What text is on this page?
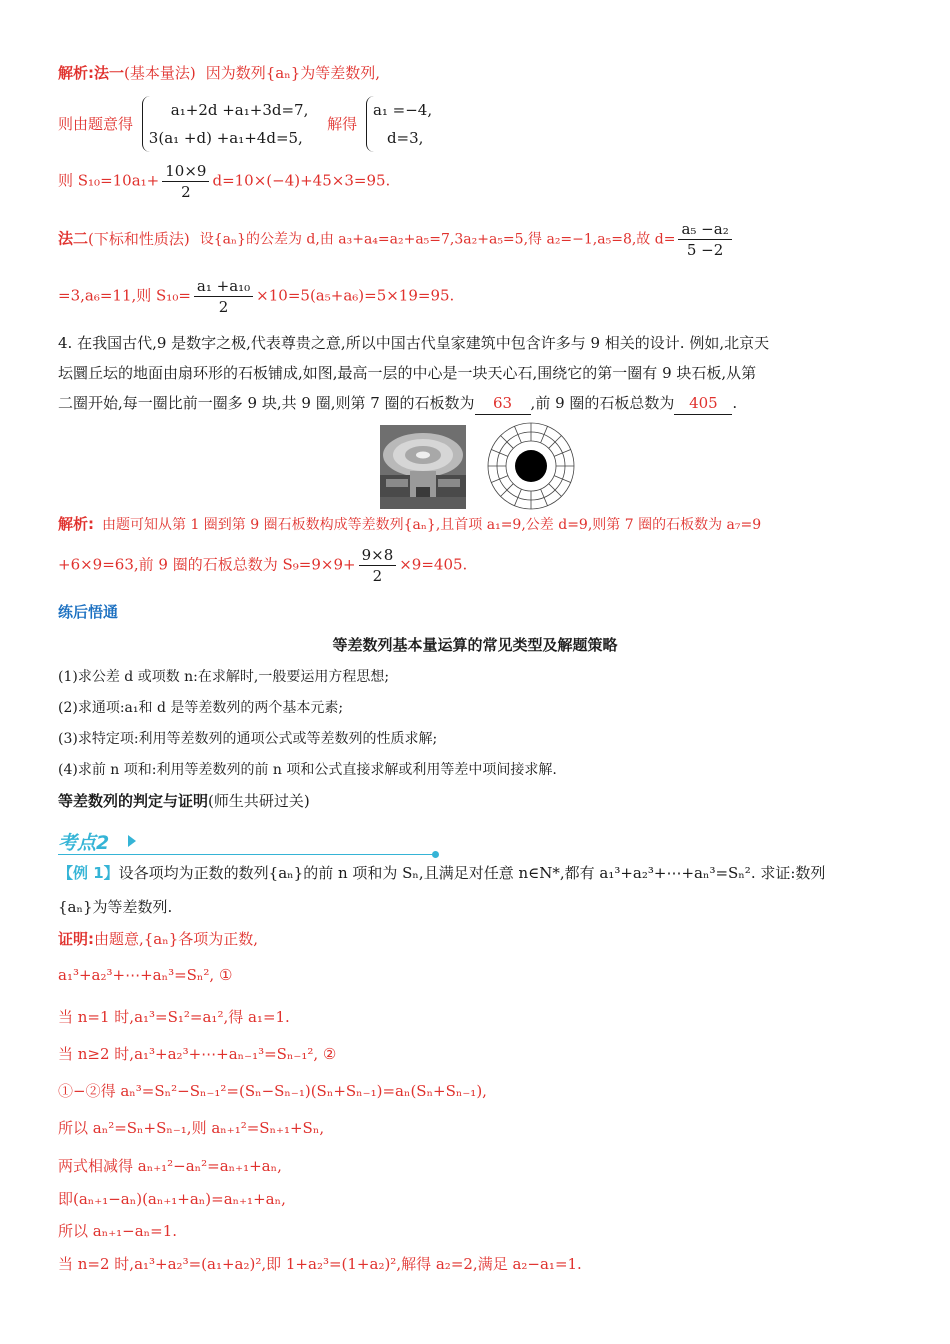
解析:法一(基本量法) 因为数列{aₙ}为等差数列,
则由题意得
a₁+2d +a₁+3d=7,
3(a₁ +d) +a₁+4d=5,
解得
a₁ =−4,
d=3,
则 $S_{10}=10a_1+ \frac{10\times 9}{2} d=10\times(-4)+45\times 3=95$.
法二(下标和性质法) 设{aₙ}的公差为 d,由 a₃+a₄=a₂+a₅=7,3a₂+a₅=5,得 a₂=−1,a₅=8,故 $d= \frac{\text{a₅ −a₂}}{5 -2}$
=3,a₆=11,则 $S_{10}= \frac{\text{a₁ +a₁₀}}{2} \times 10=5(a_5+a_6)=5\times 19=95$.
4. 在我国古代,9 是数字之极,代表尊贵之意,所以中国古代皇家建筑中包含许多与 9 相关的设计. 例如,北京天
坛圜丘坛的地面由扇环形的石板铺成,如图,最高一层的中心是一块天心石,围绕它的第一圈有 9 块石板,从第
二圈开始,每一圈比前一圈多 9 块,共 9 圈,则第 7 圈的石板数为 63 ,前 9 圈的石板总数为 405 .
解析: 由题可知从第 1 圈到第 9 圈石板数构成等差数列{aₙ},且首项 a₁=9,公差 d=9,则第 7 圈的石板数为 a₇=9
+6×9=63,前 9 圈的石板总数为 $S_9=9\times 9+ \frac{9\times 8}{2} \times 9=405$.
练后悟通
等差数列基本量运算的常见类型及解题策略
(1)求公差 d 或项数 n:在求解时,一般要运用方程思想;
(2)求通项:a₁和 d 是等差数列的两个基本元素;
(3)求特定项:利用等差数列的通项公式或等差数列的性质求解;
(4)求前 n 项和:利用等差数列的前 n 项和公式直接求解或利用等差中项间接求解.
等差数列的判定与证明(师生共研过关)
考点2
【例 1】设各项均为正数的数列{aₙ}的前 n 项和为 Sₙ,且满足对任意 n∈N*,都有 a₁³+a₂³+⋯+aₙ³=Sₙ². 求证:数列
{aₙ}为等差数列.
证明:由题意,{aₙ}各项为正数,
a₁³+a₂³+⋯+aₙ³=Sₙ², ①
当 n=1 时,a₁³=S₁²=a₁²,得 a₁=1.
当 n≥2 时,a₁³+a₂³+⋯+aₙ₋₁³=Sₙ₋₁², ②
①−②得 aₙ³=Sₙ²−Sₙ₋₁²=(Sₙ−Sₙ₋₁)(Sₙ+Sₙ₋₁)=aₙ(Sₙ+Sₙ₋₁),
所以 aₙ²=Sₙ+Sₙ₋₁,则 aₙ₊₁²=Sₙ₊₁+Sₙ,
两式相减得 aₙ₊₁²−aₙ²=aₙ₊₁+aₙ,
即(aₙ₊₁−aₙ)(aₙ₊₁+aₙ)=aₙ₊₁+aₙ,
所以 aₙ₊₁−aₙ=1.
当 n=2 时,a₁³+a₂³=(a₁+a₂)²,即 1+a₂³=(1+a₂)²,解得 a₂=2,满足 a₂−a₁=1.
